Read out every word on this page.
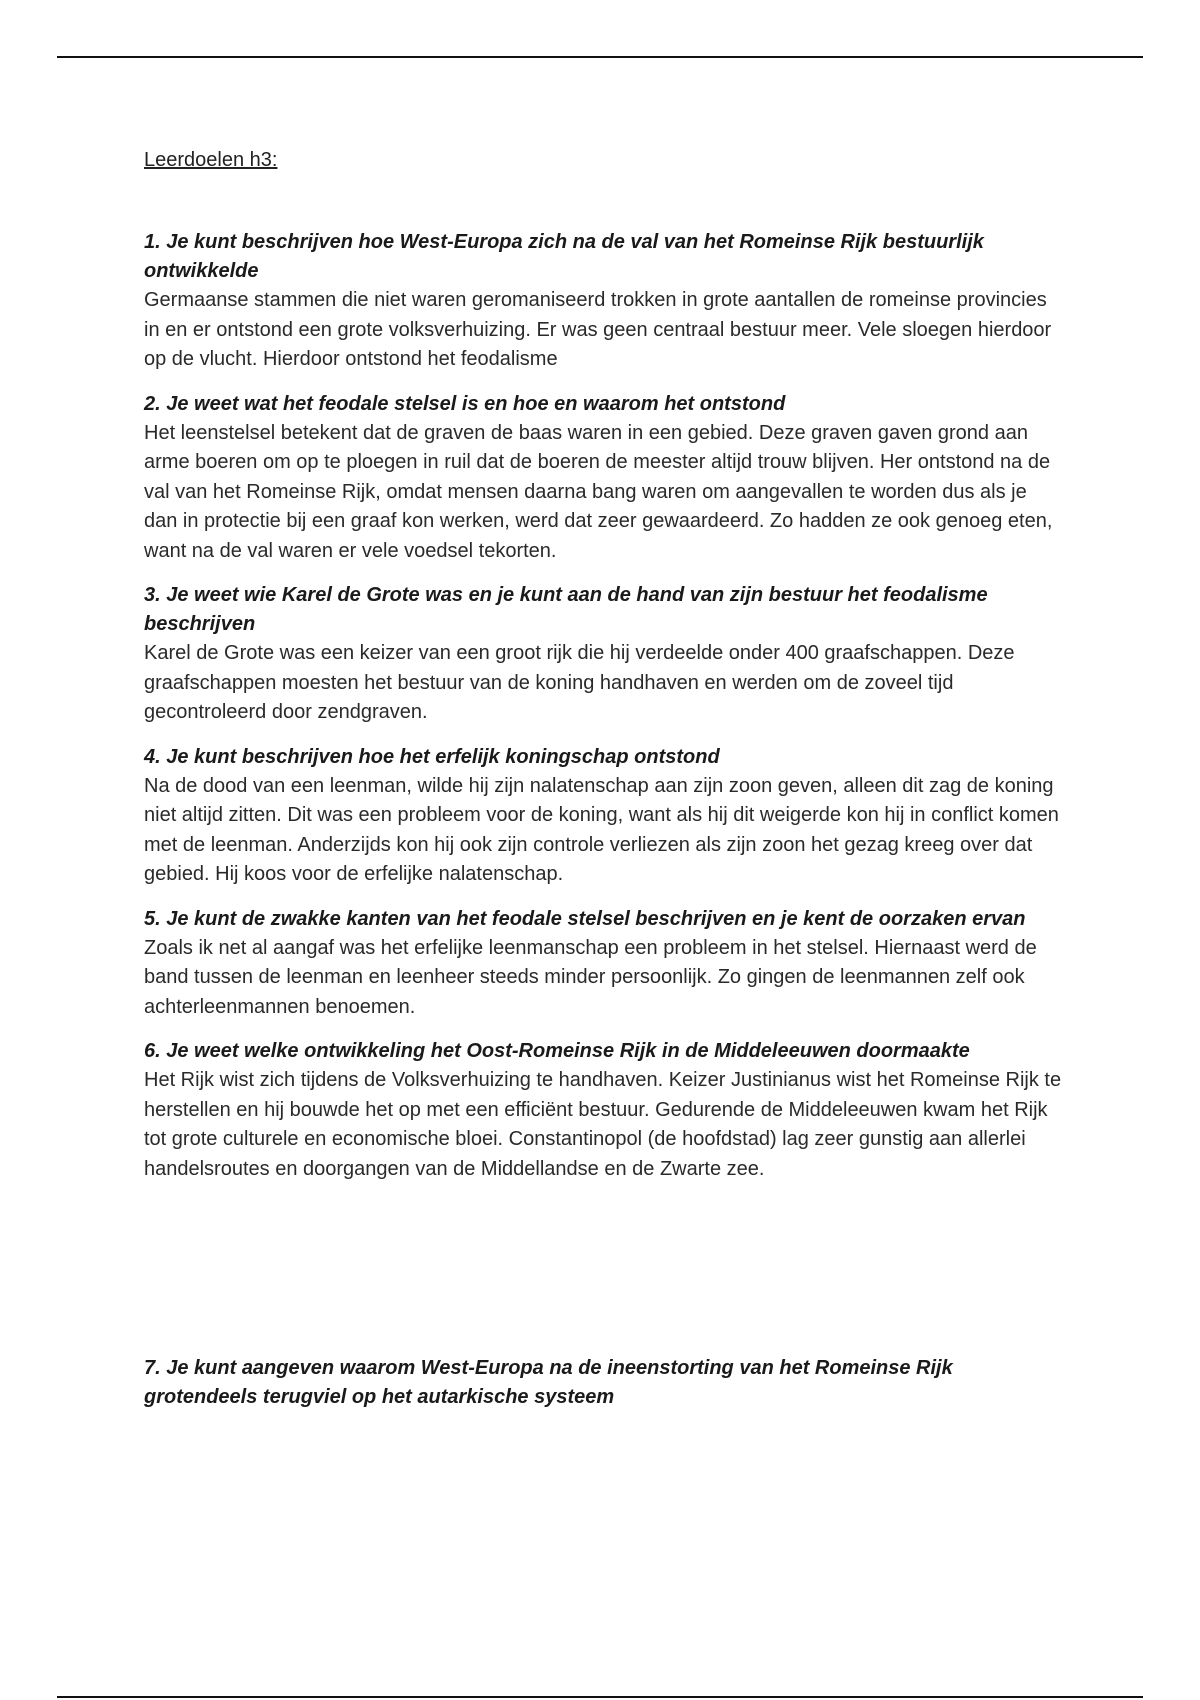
Leerdoelen h3:

1. Je kunt beschrijven hoe West-Europa zich na de val van het Romeinse Rijk bestuurlijk ontwikkelde

Germaanse stammen die niet waren geromaniseerd trokken in grote aantallen de romeinse provincies in en er ontstond een grote volksverhuizing. Er was geen centraal bestuur meer. Vele sloegen hierdoor op de vlucht. Hierdoor ontstond het feodalisme

2. Je weet wat het feodale stelsel is en hoe en waarom het ontstond

Het leenstelsel betekent dat de graven de baas waren in een gebied. Deze graven gaven grond aan arme boeren om op te ploegen in ruil dat de boeren de meester altijd trouw blijven. Her ontstond na de val van het Romeinse Rijk, omdat mensen daarna bang waren om aangevallen te worden dus als je dan in protectie bij een graaf kon werken, werd dat zeer gewaardeerd. Zo hadden ze ook genoeg eten, want na de val waren er vele voedsel tekorten.

3. Je weet wie Karel de Grote was en je kunt aan de hand van zijn bestuur het feodalisme beschrijven

Karel de Grote was een keizer van een groot rijk die hij verdeelde onder 400 graafschappen. Deze graafschappen moesten het bestuur van de koning handhaven en werden om de zoveel tijd gecontroleerd door zendgraven.

4. Je kunt beschrijven hoe het erfelijk koningschap ontstond

Na de dood van een leenman, wilde hij zijn nalatenschap aan zijn zoon geven, alleen dit zag de koning niet altijd zitten. Dit was een probleem voor de koning, want als hij dit weigerde kon hij in conflict komen met de leenman. Anderzijds kon hij ook zijn controle verliezen als zijn zoon het gezag kreeg over dat gebied. Hij koos voor de erfelijke nalatenschap.

5. Je kunt de zwakke kanten van het feodale stelsel beschrijven en je kent de oorzaken ervan

Zoals ik net al aangaf was het erfelijke leenmanschap een probleem in het stelsel. Hiernaast werd de band tussen de leenman en leenheer steeds minder persoonlijk. Zo gingen de leenmannen zelf ook achterleenmannen benoemen.

6. Je weet welke ontwikkeling het Oost-Romeinse Rijk in de Middeleeuwen doormaakte

Het Rijk wist zich tijdens de Volksverhuizing te handhaven. Keizer Justinianus wist het Romeinse Rijk te herstellen en hij bouwde het op met een efficiënt bestuur. Gedurende de Middeleeuwen kwam het Rijk tot grote culturele en economische bloei. Constantinopol (de hoofdstad) lag zeer gunstig aan allerlei handelsroutes en doorgangen van de Middellandse en de Zwarte zee.

7. Je kunt aangeven waarom West-Europa na de ineenstorting van het Romeinse Rijk grotendeels terugviel op het autarkische systeem
